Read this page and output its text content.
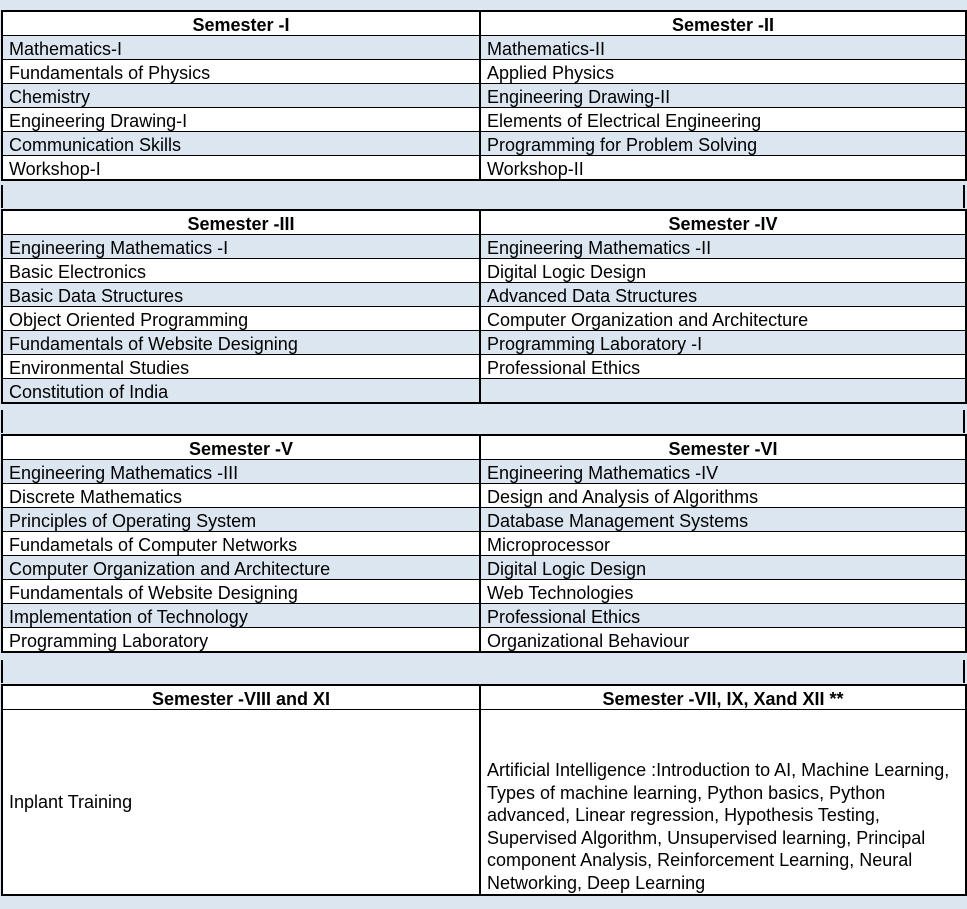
Semester -I	Semester -II
Mathematics-I	Mathematics-II
Fundamentals of Physics	Applied Physics
Chemistry	Engineering Drawing-II
Engineering Drawing-I	Elements of Electrical Engineering
Communication Skills	Programming for Problem Solving
Workshop-I	Workshop-II
Semester -III	Semester -IV
Engineering Mathematics -I	Engineering Mathematics -II
Basic Electronics	Digital Logic Design
Basic Data Structures	Advanced Data Structures
Object Oriented Programming	Computer Organization and Architecture
Fundamentals of Website Designing	Programming Laboratory -I
Environmental Studies	Professional Ethics
Constitution of India	
Semester -V	Semester -VI
Engineering Mathematics -III	Engineering Mathematics -IV
Discrete Mathematics	Design and Analysis of Algorithms
Principles of Operating System	Database Management Systems
Fundametals of Computer Networks	Microprocessor
Computer Organization and Architecture	Digital Logic Design
Fundamentals of Website Designing	Web Technologies
Implementation of Technology	Professional Ethics
Programming Laboratory	Organizational Behaviour
Semester -VIII and XI	Semester -VII, IX, Xand XII **
Inplant Training	Artificial Intelligence :Introduction to AI, Machine Learning, Types of machine learning, Python basics, Python advanced, Linear regression, Hypothesis Testing, Supervised Algorithm, Unsupervised learning, Principal component Analysis, Reinforcement Learning, Neural Networking, Deep Learning
